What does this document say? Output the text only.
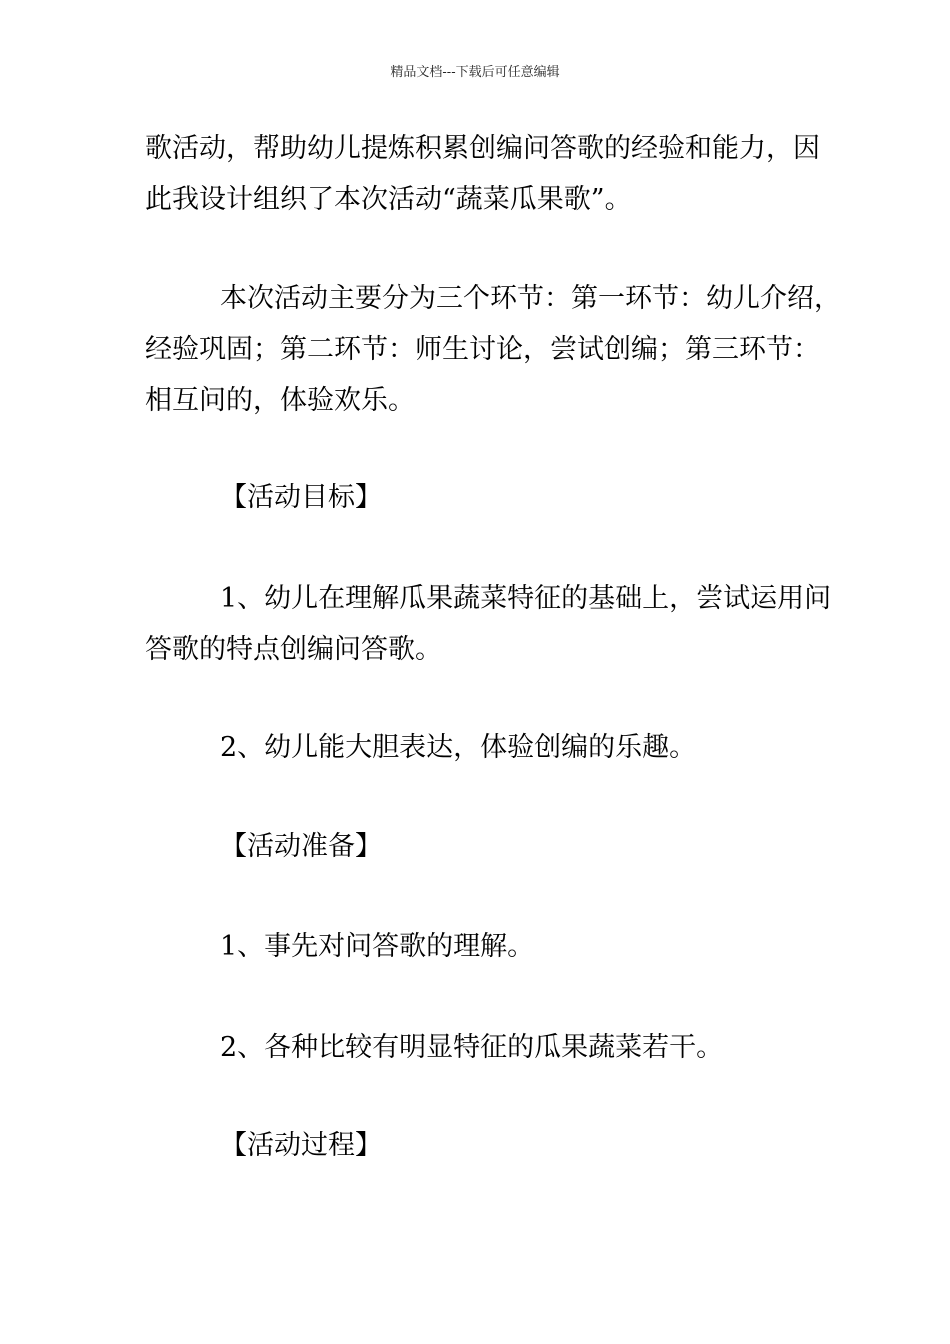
精品文档---下载后可任意编辑
歌活动，帮助幼儿提炼积累创编问答歌的经验和能力，因
此我设计组织了本次活动“蔬菜瓜果歌”。
本次活动主要分为三个环节：第一环节：幼儿介绍，
经验巩固；第二环节：师生讨论，尝试创编；第三环节：
相互问的，体验欢乐。
【活动目标】
1、幼儿在理解瓜果蔬菜特征的基础上，尝试运用问
答歌的特点创编问答歌。
2、幼儿能大胆表达，体验创编的乐趣。
【活动准备】
1、事先对问答歌的理解。
2、各种比较有明显特征的瓜果蔬菜若干。
【活动过程】
